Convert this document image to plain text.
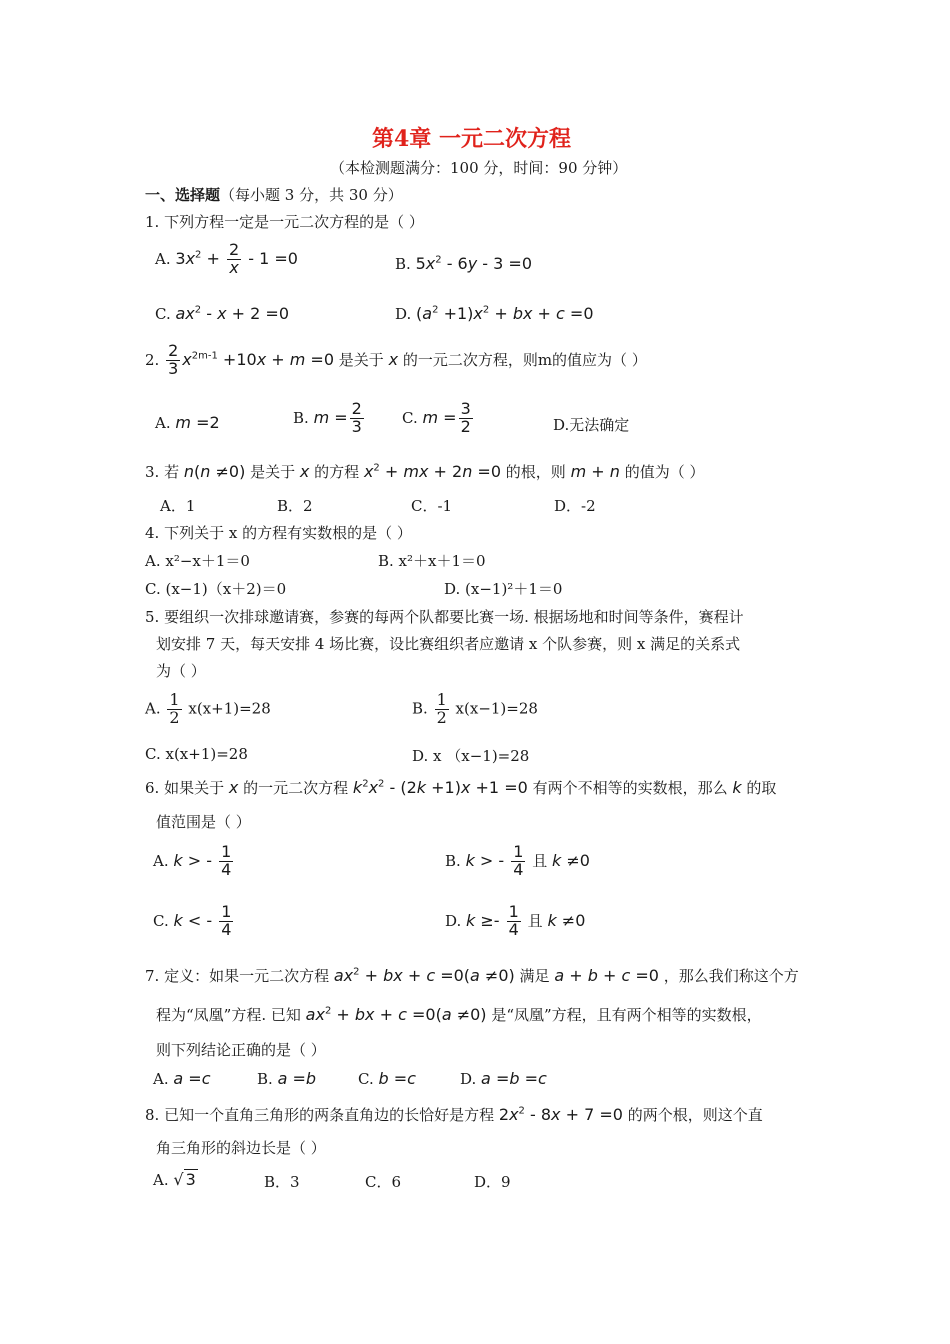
第4章 一元二次方程
（本检测题满分：100 分，时间：90 分钟）
一、选择题（每小题 3 分，共 30 分）
1. 下列方程一定是一元二次方程的是（ ）
A. $3x^2 + \frac{2}{x} - 1 =0$	B. $5x^2 - 6y - 3 =0$
C. $ax^2 - x + 2 =0$	D. $(a^2 +1)x^2$ + bx + c =0
2. $\frac{2}{3} x^{2m-1} +10x + m =0$ 是关于 x 的一元二次方程，则m的值应为（ ）
A. m =2	B. $m = \frac{2}{3}$	C. $m = \frac{3}{2}$	D.无法确定
3. 若 n(n ≠0) 是关于 x 的方程 $x^2$ + mx + 2n =0 的根，则 m + n 的值为（ ）
A．1	B．2	C．-1	D．-2
4. 下列关于 x 的方程有实数根的是（ ）
A. x²−x＋1＝0	B. x²＋x＋1＝0
C. (x−1)（x＋2)＝0	D. (x−1)²＋1＝0
5. 要组织一次排球邀请赛，参赛的每两个队都要比赛一场. 根据场地和时间等条件，赛程计
划安排 7 天，每天安排 4 场比赛，设比赛组织者应邀请 x 个队参赛，则 x 满足的关系式
为（ ）
A. $\frac{1}{2} x(x+1)=28$	B. $\frac{1}{2} x(x-1)=28$
C. x(x+1)=28	D. x （x−1)=28
6. 如果关于 x 的一元二次方程 $k^2x^2 - (2k +1)x +1 =0$ 有两个不相等的实数根，那么 k 的取
值范围是（ ）
A. k > - $\frac{1}{4}$	B. k > - $\frac{1}{4}$ 且 k ≠0
C. k < - $\frac{1}{4}$	D. $k \ge- \frac{1}{4}$ 且 k ≠0
7. 定义：如果一元二次方程 $ax^2$ + bx + c =0(a ≠0) 满足 a + b + c =0 ，那么我们称这个方
程为“凤凰”方程. 已知 $ax^2$ + bx + c =0(a ≠0) 是“凤凰”方程，且有两个相等的实数根，
则下列结论正确的是（ ）
A. a =c	B. a =b	C. b =c	D. a =b =c
8. 已知一个直角三角形的两条直角边的长恰好是方程 $2x^2 - 8x + 7 =0$ 的两个根，则这个直
角三角形的斜边长是（ ）
A. √ 3	B．3	C．6	D．9
